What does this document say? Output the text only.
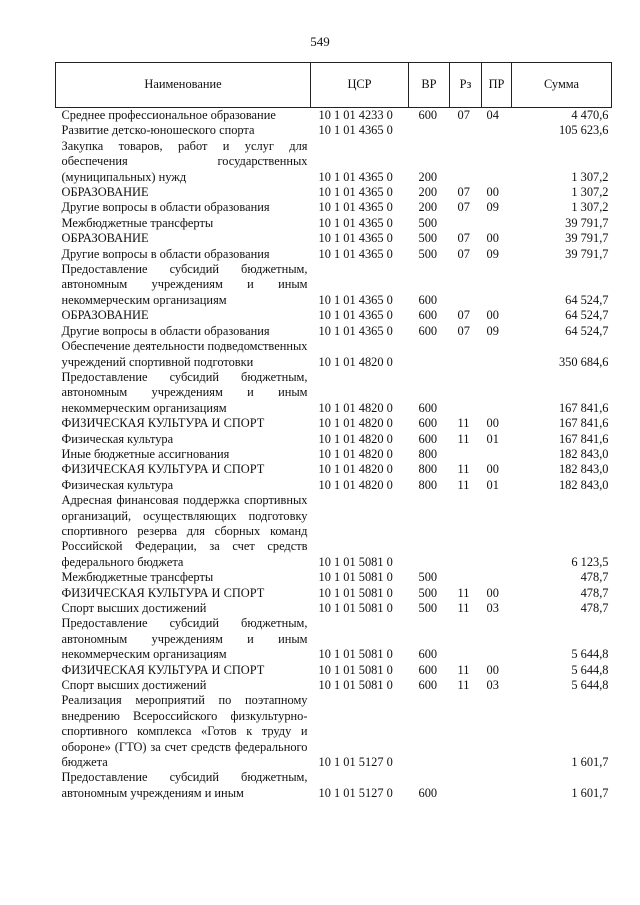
549
Наименование	ЦСР	ВР	Рз	ПР	Сумма
Среднее профессиональное образование	10 1 01 4233 0	600	07	04	4 470,6
Развитие детско-юношеского спорта	10 1 01 4365 0				105 623,6
Закупка товаров, работ и услуг для обеспечения государственных (муниципальных) нужд	10 1 01 4365 0	200			1 307,2
ОБРАЗОВАНИЕ	10 1 01 4365 0	200	07	00	1 307,2
Другие вопросы в области образования	10 1 01 4365 0	200	07	09	1 307,2
Межбюджетные трансферты	10 1 01 4365 0	500			39 791,7
ОБРАЗОВАНИЕ	10 1 01 4365 0	500	07	00	39 791,7
Другие вопросы в области образования	10 1 01 4365 0	500	07	09	39 791,7
Предоставление субсидий бюджетным, автономным учреждениям и иным некоммерческим организациям	10 1 01 4365 0	600			64 524,7
ОБРАЗОВАНИЕ	10 1 01 4365 0	600	07	00	64 524,7
Другие вопросы в области образования	10 1 01 4365 0	600	07	09	64 524,7
Обеспечение деятельности подведомственных учреждений спортивной подготовки	10 1 01 4820 0				350 684,6
Предоставление субсидий бюджетным, автономным учреждениям и иным некоммерческим организациям	10 1 01 4820 0	600			167 841,6
ФИЗИЧЕСКАЯ КУЛЬТУРА И СПОРТ	10 1 01 4820 0	600	11	00	167 841,6
Физическая культура	10 1 01 4820 0	600	11	01	167 841,6
Иные бюджетные ассигнования	10 1 01 4820 0	800			182 843,0
ФИЗИЧЕСКАЯ КУЛЬТУРА И СПОРТ	10 1 01 4820 0	800	11	00	182 843,0
Физическая культура	10 1 01 4820 0	800	11	01	182 843,0
Адресная финансовая поддержка спортивных организаций, осуществляющих подготовку спортивного резерва для сборных команд Российской Федерации, за счет средств федерального бюджета	10 1 01 5081 0				6 123,5
Межбюджетные трансферты	10 1 01 5081 0	500			478,7
ФИЗИЧЕСКАЯ КУЛЬТУРА И СПОРТ	10 1 01 5081 0	500	11	00	478,7
Спорт высших достижений	10 1 01 5081 0	500	11	03	478,7
Предоставление субсидий бюджетным, автономным учреждениям и иным некоммерческим организациям	10 1 01 5081 0	600			5 644,8
ФИЗИЧЕСКАЯ КУЛЬТУРА И СПОРТ	10 1 01 5081 0	600	11	00	5 644,8
Спорт высших достижений	10 1 01 5081 0	600	11	03	5 644,8
Реализация мероприятий по поэтапному внедрению Всероссийского физкультурно-спортивного комплекса «Готов к труду и обороне» (ГТО) за счет средств федерального бюджета	10 1 01 5127 0				1 601,7
Предоставление субсидий бюджетным, автономным учреждениям и иным	10 1 01 5127 0	600			1 601,7
